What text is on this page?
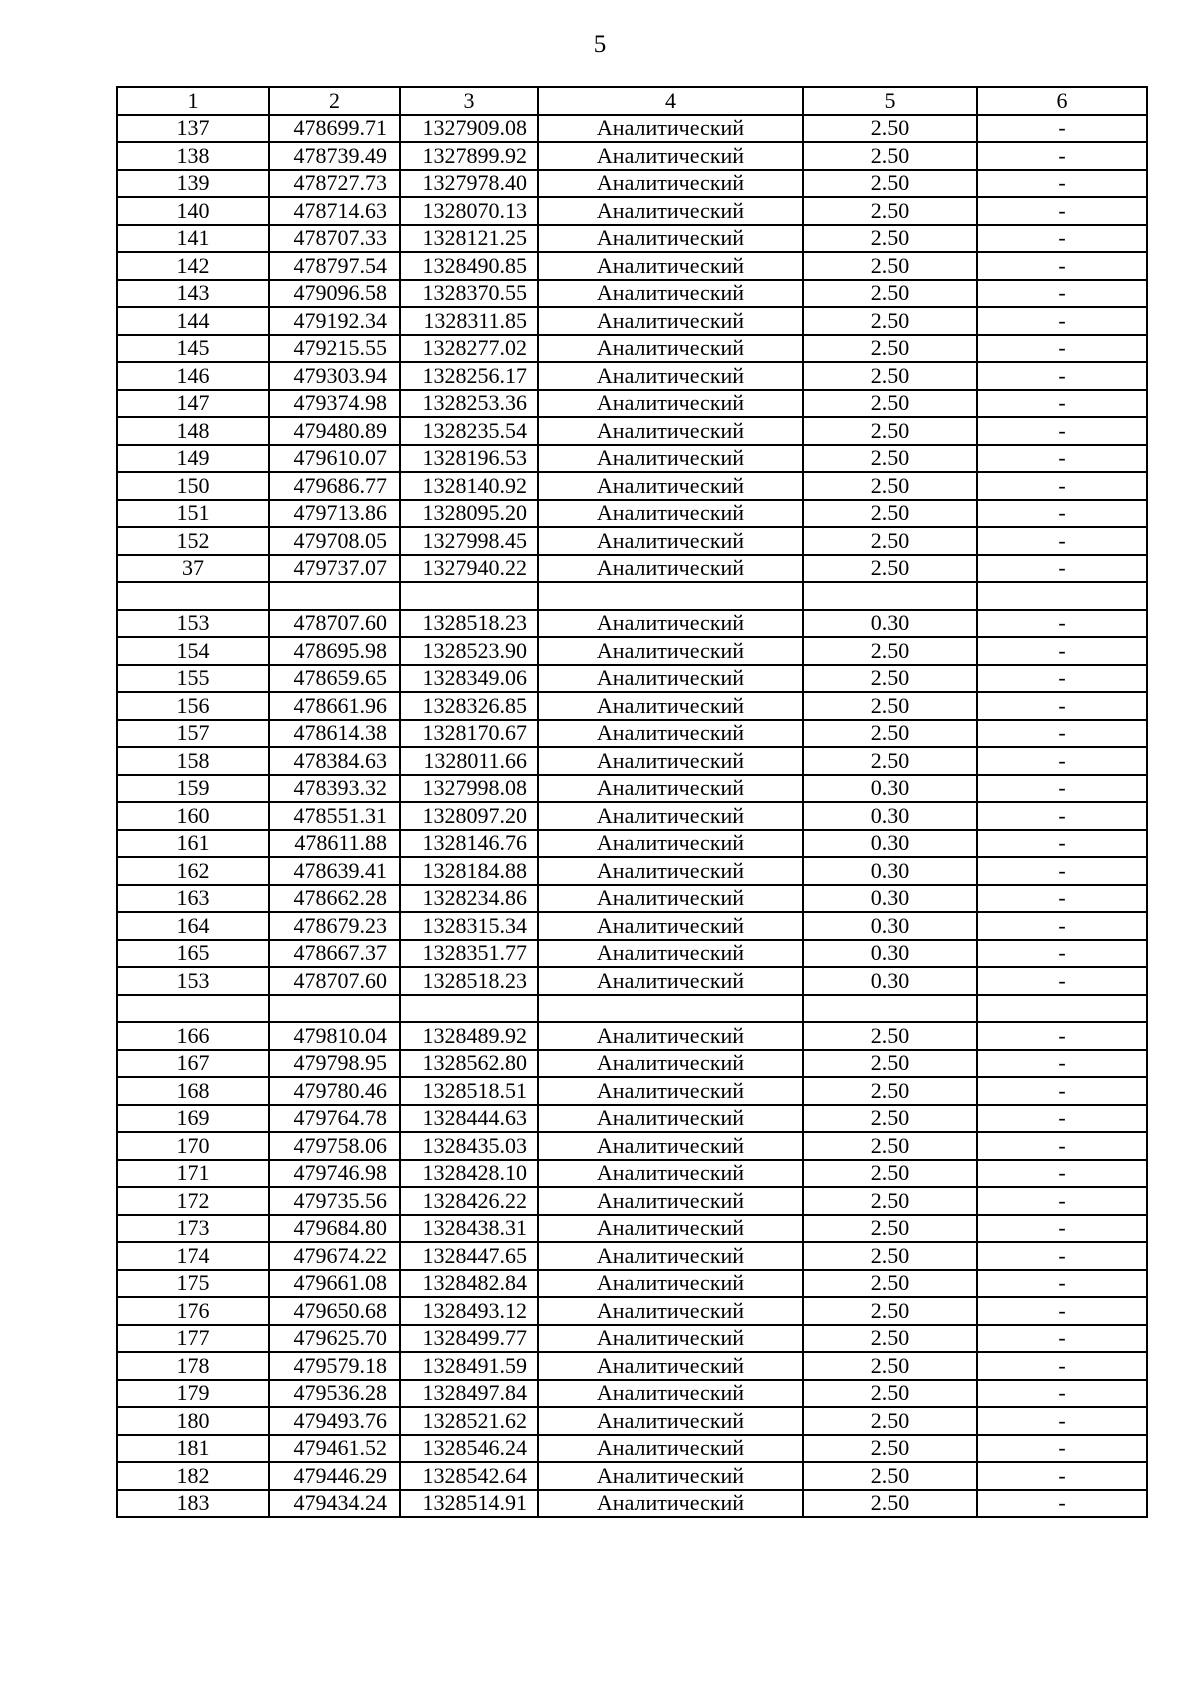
5
1	2	3	4	5	6
137	478699.71	1327909.08	Аналитический	2.50	-
138	478739.49	1327899.92	Аналитический	2.50	-
139	478727.73	1327978.40	Аналитический	2.50	-
140	478714.63	1328070.13	Аналитический	2.50	-
141	478707.33	1328121.25	Аналитический	2.50	-
142	478797.54	1328490.85	Аналитический	2.50	-
143	479096.58	1328370.55	Аналитический	2.50	-
144	479192.34	1328311.85	Аналитический	2.50	-
145	479215.55	1328277.02	Аналитический	2.50	-
146	479303.94	1328256.17	Аналитический	2.50	-
147	479374.98	1328253.36	Аналитический	2.50	-
148	479480.89	1328235.54	Аналитический	2.50	-
149	479610.07	1328196.53	Аналитический	2.50	-
150	479686.77	1328140.92	Аналитический	2.50	-
151	479713.86	1328095.20	Аналитический	2.50	-
152	479708.05	1327998.45	Аналитический	2.50	-
37	479737.07	1327940.22	Аналитический	2.50	-

153	478707.60	1328518.23	Аналитический	0.30	-
154	478695.98	1328523.90	Аналитический	2.50	-
155	478659.65	1328349.06	Аналитический	2.50	-
156	478661.96	1328326.85	Аналитический	2.50	-
157	478614.38	1328170.67	Аналитический	2.50	-
158	478384.63	1328011.66	Аналитический	2.50	-
159	478393.32	1327998.08	Аналитический	0.30	-
160	478551.31	1328097.20	Аналитический	0.30	-
161	478611.88	1328146.76	Аналитический	0.30	-
162	478639.41	1328184.88	Аналитический	0.30	-
163	478662.28	1328234.86	Аналитический	0.30	-
164	478679.23	1328315.34	Аналитический	0.30	-
165	478667.37	1328351.77	Аналитический	0.30	-
153	478707.60	1328518.23	Аналитический	0.30	-

166	479810.04	1328489.92	Аналитический	2.50	-
167	479798.95	1328562.80	Аналитический	2.50	-
168	479780.46	1328518.51	Аналитический	2.50	-
169	479764.78	1328444.63	Аналитический	2.50	-
170	479758.06	1328435.03	Аналитический	2.50	-
171	479746.98	1328428.10	Аналитический	2.50	-
172	479735.56	1328426.22	Аналитический	2.50	-
173	479684.80	1328438.31	Аналитический	2.50	-
174	479674.22	1328447.65	Аналитический	2.50	-
175	479661.08	1328482.84	Аналитический	2.50	-
176	479650.68	1328493.12	Аналитический	2.50	-
177	479625.70	1328499.77	Аналитический	2.50	-
178	479579.18	1328491.59	Аналитический	2.50	-
179	479536.28	1328497.84	Аналитический	2.50	-
180	479493.76	1328521.62	Аналитический	2.50	-
181	479461.52	1328546.24	Аналитический	2.50	-
182	479446.29	1328542.64	Аналитический	2.50	-
183	479434.24	1328514.91	Аналитический	2.50	-
